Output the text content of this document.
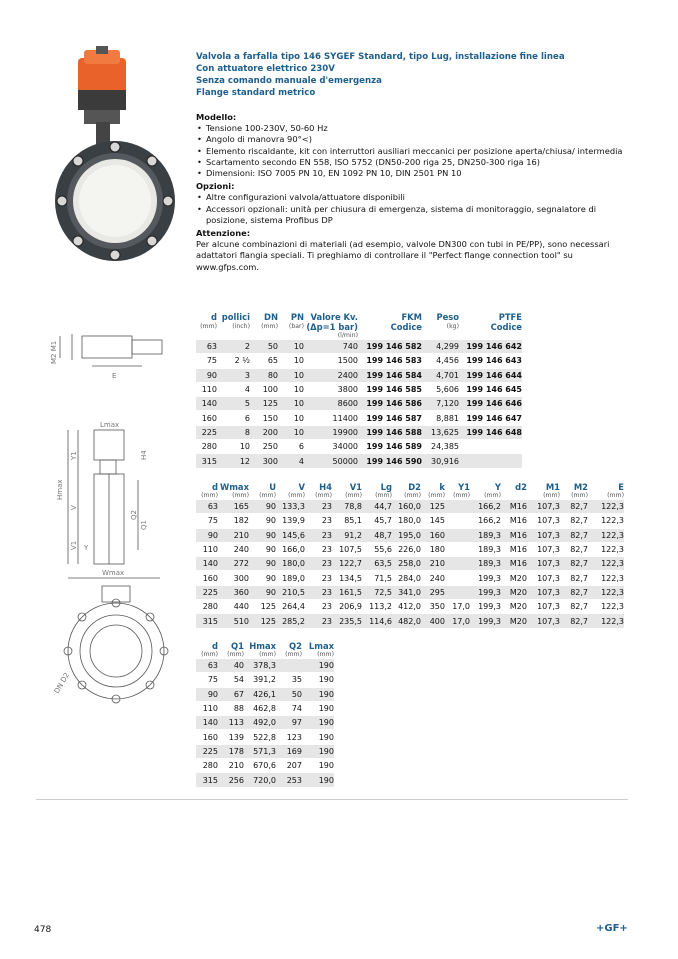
Valvola a farfalla tipo 146 SYGEF Standard, tipo Lug, installazione fine linea
Con attuatore elettrico 230V
Senza comando manuale d'emergenza
Flange standard metrico
Modello:
• Tensione 100-230V, 50-60 Hz
• Angolo di manovra 90°<)
• Elemento riscaldante, kit con interruttori ausiliari meccanici per posizione aperta/chiusa/ intermedia
• Scartamento secondo EN 558, ISO 5752 (DN50-200 riga 25, DN250-300 riga 16)
• Dimensioni: ISO 7005 PN 10, EN 1092 PN 10, DIN 2501 PN 10
Opzioni:
• Altre configurazioni valvola/attuatore disponibili
• Accessori opzionali: unità per chiusura di emergenza, sistema di monitoraggio, segnalatore di posizione, sistema Profibus DP
Attenzione:
Per alcune combinazioni di materiali (ad esempio, valvole DN300 con tubi in PE/PP), sono necessari adattatori flangia speciali. Ti preghiamo di controllare il "Perfect flange connection tool" su www.gfps.com.
M2 M1
E
Lmax
Hmax
Y1
V
V1
H4
Q2
Q1
Y
Wmax
DN D2
d	pollici	DN	PN	Valore Kv.	FKM	Peso	PTFE
(mm)	(inch)	(mm)	(bar)	(Δp=1 bar)	Codice	(kg)	Codice
				(l/min)			
63	2	50	10	740	199 146 582	4,299	199 146 642
75	2 ½	65	10	1500	199 146 583	4,456	199 146 643
90	3	80	10	2400	199 146 584	4,701	199 146 644
110	4	100	10	3800	199 146 585	5,606	199 146 645
140	5	125	10	8600	199 146 586	7,120	199 146 646
160	6	150	10	11400	199 146 587	8,881	199 146 647
225	8	200	10	19900	199 146 588	13,625	199 146 648
280	10	250	6	34000	199 146 589	24,385	
315	12	300	4	50000	199 146 590	30,916	
d	Wmax	U	V	H4	V1	Lg	D2	k	Y1	Y	d2	M1	M2	E
(mm)	(mm)	(mm)	(mm)	(mm)	(mm)	(mm)	(mm)	(mm)	(mm)	(mm)		(mm)	(mm)	(mm)
63	165	90	133,3	23	78,8	44,7	160,0	125		166,2	M16	107,3	82,7	122,3
75	182	90	139,9	23	85,1	45,7	180,0	145		166,2	M16	107,3	82,7	122,3
90	210	90	145,6	23	91,2	48,7	195,0	160		189,3	M16	107,3	82,7	122,3
110	240	90	166,0	23	107,5	55,6	226,0	180		189,3	M16	107,3	82,7	122,3
140	272	90	180,0	23	122,7	63,5	258,0	210		189,3	M16	107,3	82,7	122,3
160	300	90	189,0	23	134,5	71,5	284,0	240		199,3	M20	107,3	82,7	122,3
225	360	90	210,5	23	161,5	72,5	341,0	295		199,3	M20	107,3	82,7	122,3
280	440	125	264,4	23	206,9	113,2	412,0	350	17,0	199,3	M20	107,3	82,7	122,3
315	510	125	285,2	23	235,5	114,6	482,0	400	17,0	199,3	M20	107,3	82,7	122,3
d	Q1	Hmax	Q2	Lmax
(mm)	(mm)	(mm)	(mm)	(mm)
63	40	378,3		190
75	54	391,2	35	190
90	67	426,1	50	190
110	88	462,8	74	190
140	113	492,0	97	190
160	139	522,8	123	190
225	178	571,3	169	190
280	210	670,6	207	190
315	256	720,0	253	190
478	+GF+
